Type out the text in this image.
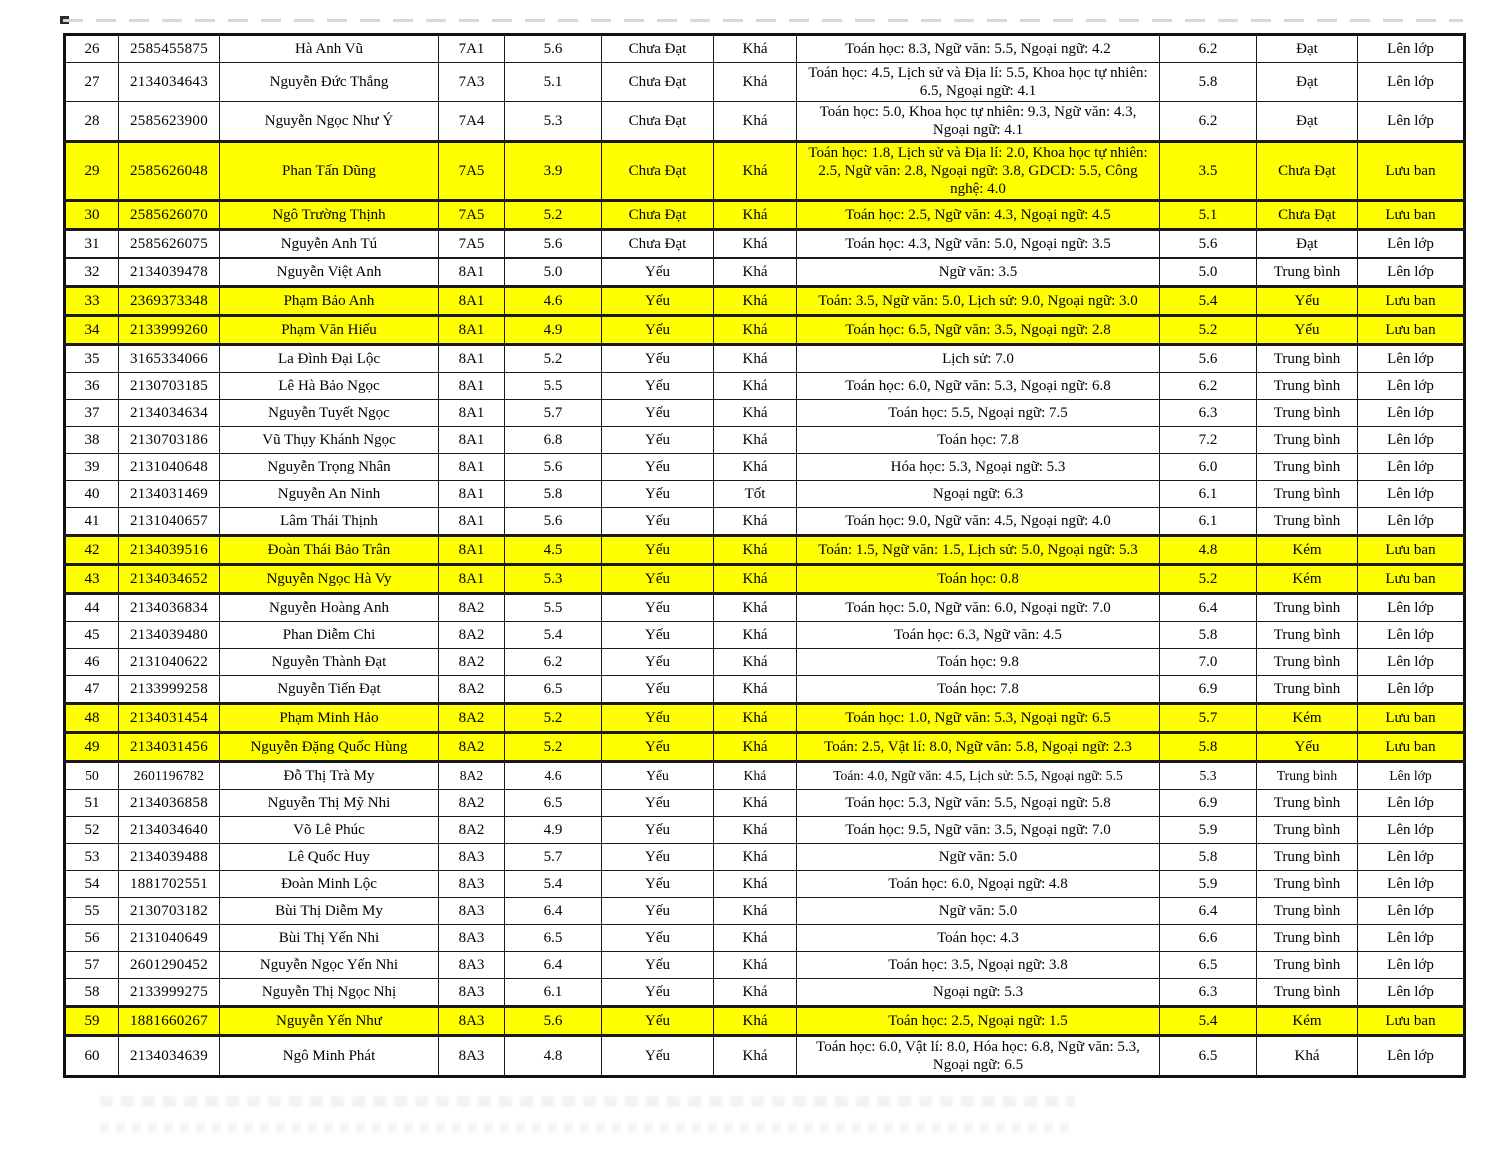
26	2585455875	Hà Anh Vũ	7A1	5.6	Chưa Đạt	Khá	Toán học: 8.3, Ngữ văn: 5.5, Ngoại ngữ: 4.2	6.2	Đạt	Lên lớp
27	2134034643	Nguyễn Đức Thắng	7A3	5.1	Chưa Đạt	Khá	Toán học: 4.5, Lịch sử và Địa lí: 5.5, Khoa học tự nhiên: 6.5, Ngoại ngữ: 4.1	5.8	Đạt	Lên lớp
28	2585623900	Nguyễn Ngọc Như Ý	7A4	5.3	Chưa Đạt	Khá	Toán học: 5.0, Khoa học tự nhiên: 9.3, Ngữ văn: 4.3, Ngoại ngữ: 4.1	6.2	Đạt	Lên lớp
29	2585626048	Phan Tấn Dũng	7A5	3.9	Chưa Đạt	Khá	Toán học: 1.8, Lịch sử và Địa lí: 2.0, Khoa học tự nhiên: 2.5, Ngữ văn: 2.8, Ngoại ngữ: 3.8, GDCD: 5.5, Công nghệ: 4.0	3.5	Chưa Đạt	Lưu ban
30	2585626070	Ngô Trường Thịnh	7A5	5.2	Chưa Đạt	Khá	Toán học: 2.5, Ngữ văn: 4.3, Ngoại ngữ: 4.5	5.1	Chưa Đạt	Lưu ban
31	2585626075	Nguyễn Anh Tú	7A5	5.6	Chưa Đạt	Khá	Toán học: 4.3, Ngữ văn: 5.0, Ngoại ngữ: 3.5	5.6	Đạt	Lên lớp
32	2134039478	Nguyễn Việt Anh	8A1	5.0	Yếu	Khá	Ngữ văn: 3.5	5.0	Trung bình	Lên lớp
33	2369373348	Phạm Bảo Anh	8A1	4.6	Yếu	Khá	Toán: 3.5, Ngữ văn: 5.0, Lịch sử: 9.0, Ngoại ngữ: 3.0	5.4	Yếu	Lưu ban
34	2133999260	Phạm Văn Hiếu	8A1	4.9	Yếu	Khá	Toán học: 6.5, Ngữ văn: 3.5, Ngoại ngữ: 2.8	5.2	Yếu	Lưu ban
35	3165334066	La Đình Đại Lộc	8A1	5.2	Yếu	Khá	Lịch sử: 7.0	5.6	Trung bình	Lên lớp
36	2130703185	Lê Hà Bảo Ngọc	8A1	5.5	Yếu	Khá	Toán học: 6.0, Ngữ văn: 5.3, Ngoại ngữ: 6.8	6.2	Trung bình	Lên lớp
37	2134034634	Nguyễn Tuyết Ngọc	8A1	5.7	Yếu	Khá	Toán học: 5.5, Ngoại ngữ: 7.5	6.3	Trung bình	Lên lớp
38	2130703186	Vũ Thụy Khánh Ngọc	8A1	6.8	Yếu	Khá	Toán học: 7.8	7.2	Trung bình	Lên lớp
39	2131040648	Nguyễn Trọng Nhân	8A1	5.6	Yếu	Khá	Hóa học: 5.3, Ngoại ngữ: 5.3	6.0	Trung bình	Lên lớp
40	2134031469	Nguyễn An Ninh	8A1	5.8	Yếu	Tốt	Ngoại ngữ: 6.3	6.1	Trung bình	Lên lớp
41	2131040657	Lâm Thái Thịnh	8A1	5.6	Yếu	Khá	Toán học: 9.0, Ngữ văn: 4.5, Ngoại ngữ: 4.0	6.1	Trung bình	Lên lớp
42	2134039516	Đoàn Thái Bảo Trân	8A1	4.5	Yếu	Khá	Toán: 1.5, Ngữ văn: 1.5, Lịch sử: 5.0, Ngoại ngữ: 5.3	4.8	Kém	Lưu ban
43	2134034652	Nguyễn Ngọc Hà Vy	8A1	5.3	Yếu	Khá	Toán học: 0.8	5.2	Kém	Lưu ban
44	2134036834	Nguyễn Hoàng Anh	8A2	5.5	Yếu	Khá	Toán học: 5.0, Ngữ văn: 6.0, Ngoại ngữ: 7.0	6.4	Trung bình	Lên lớp
45	2134039480	Phan Diễm Chi	8A2	5.4	Yếu	Khá	Toán học: 6.3, Ngữ văn: 4.5	5.8	Trung bình	Lên lớp
46	2131040622	Nguyễn Thành Đạt	8A2	6.2	Yếu	Khá	Toán học: 9.8	7.0	Trung bình	Lên lớp
47	2133999258	Nguyễn Tiến Đạt	8A2	6.5	Yếu	Khá	Toán học: 7.8	6.9	Trung bình	Lên lớp
48	2134031454	Phạm Minh Hảo	8A2	5.2	Yếu	Khá	Toán học: 1.0, Ngữ văn: 5.3, Ngoại ngữ: 6.5	5.7	Kém	Lưu ban
49	2134031456	Nguyễn Đặng Quốc Hùng	8A2	5.2	Yếu	Khá	Toán: 2.5, Vật lí: 8.0, Ngữ văn: 5.8, Ngoại ngữ: 2.3	5.8	Yếu	Lưu ban
50	2601196782	Đỗ Thị Trà My	8A2	4.6	Yếu	Khá	Toán: 4.0, Ngữ văn: 4.5, Lịch sử: 5.5, Ngoại ngữ: 5.5	5.3	Trung bình	Lên lớp
51	2134036858	Nguyễn Thị Mỹ Nhi	8A2	6.5	Yếu	Khá	Toán học: 5.3, Ngữ văn: 5.5, Ngoại ngữ: 5.8	6.9	Trung bình	Lên lớp
52	2134034640	Võ Lê Phúc	8A2	4.9	Yếu	Khá	Toán học: 9.5, Ngữ văn: 3.5, Ngoại ngữ: 7.0	5.9	Trung bình	Lên lớp
53	2134039488	Lê Quốc Huy	8A3	5.7	Yếu	Khá	Ngữ văn: 5.0	5.8	Trung bình	Lên lớp
54	1881702551	Đoàn Minh Lộc	8A3	5.4	Yếu	Khá	Toán học: 6.0, Ngoại ngữ: 4.8	5.9	Trung bình	Lên lớp
55	2130703182	Bùi Thị Diễm My	8A3	6.4	Yếu	Khá	Ngữ văn: 5.0	6.4	Trung bình	Lên lớp
56	2131040649	Bùi Thị Yến Nhi	8A3	6.5	Yếu	Khá	Toán học: 4.3	6.6	Trung bình	Lên lớp
57	2601290452	Nguyễn Ngọc Yến Nhi	8A3	6.4	Yếu	Khá	Toán học: 3.5, Ngoại ngữ: 3.8	6.5	Trung bình	Lên lớp
58	2133999275	Nguyễn Thị Ngọc Nhị	8A3	6.1	Yếu	Khá	Ngoại ngữ: 5.3	6.3	Trung bình	Lên lớp
59	1881660267	Nguyễn Yến Như	8A3	5.6	Yếu	Khá	Toán học: 2.5, Ngoại ngữ: 1.5	5.4	Kém	Lưu ban
60	2134034639	Ngô Minh Phát	8A3	4.8	Yếu	Khá	Toán học: 6.0, Vật lí: 8.0, Hóa học: 6.8, Ngữ văn: 5.3, Ngoại ngữ: 6.5	6.5	Khá	Lên lớp
